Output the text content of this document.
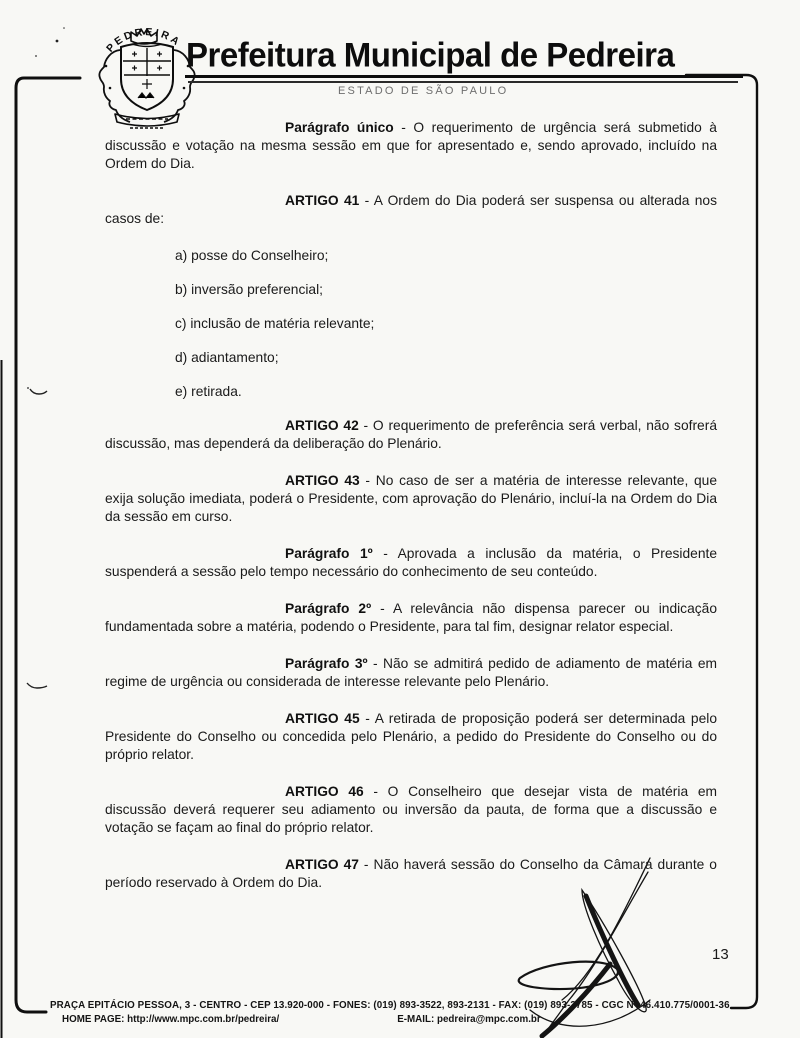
PEDREIRA Prefeitura Municipal de Pedreira
ESTADO DE SÃO PAULO

Parágrafo único - O requerimento de urgência será submetido à discussão e votação na mesma sessão em que for apresentado e, sendo aprovado, incluído na Ordem do Dia.

ARTIGO 41 - A Ordem do Dia poderá ser suspensa ou alterada nos casos de:

a) posse do Conselheiro;

b) inversão preferencial;

c) inclusão de matéria relevante;

d) adiantamento;

e) retirada.

ARTIGO 42 - O requerimento de preferência será verbal, não sofrerá discussão, mas dependerá da deliberação do Plenário.

ARTIGO 43 - No caso de ser a matéria de interesse relevante, que exija solução imediata, poderá o Presidente, com aprovação do Plenário, incluí-la na Ordem do Dia da sessão em curso.

Parágrafo 1º - Aprovada a inclusão da matéria, o Presidente suspenderá a sessão pelo tempo necessário do conhecimento de seu conteúdo.

Parágrafo 2º - A relevância não dispensa parecer ou indicação fundamentada sobre a matéria, podendo o Presidente, para tal fim, designar relator especial.

Parágrafo 3º - Não se admitirá pedido de adiamento de matéria em regime de urgência ou considerada de interesse relevante pelo Plenário.

ARTIGO 45 - A retirada de proposição poderá ser determinada pelo Presidente do Conselho ou concedida pelo Plenário, a pedido do Presidente do Conselho ou do próprio relator.

ARTIGO 46 - O Conselheiro que desejar vista de matéria em discussão deverá requerer seu adiamento ou inversão da pauta, de forma que a discussão e votação se façam ao final do próprio relator.

ARTIGO 47 - Não haverá sessão do Conselho da Câmara durante o período reservado à Ordem do Dia.

13
PRAÇA EPITÁCIO PESSOA, 3 - CENTRO - CEP 13.920-000 - FONES: (019) 893-3522, 893-2131 - FAX: (019) 893-3785 - CGC Nº 46.410.775/0001-36
HOME PAGE: http://www.mpc.com.br/pedreira/	E-MAIL: pedreira@mpc.com.br
